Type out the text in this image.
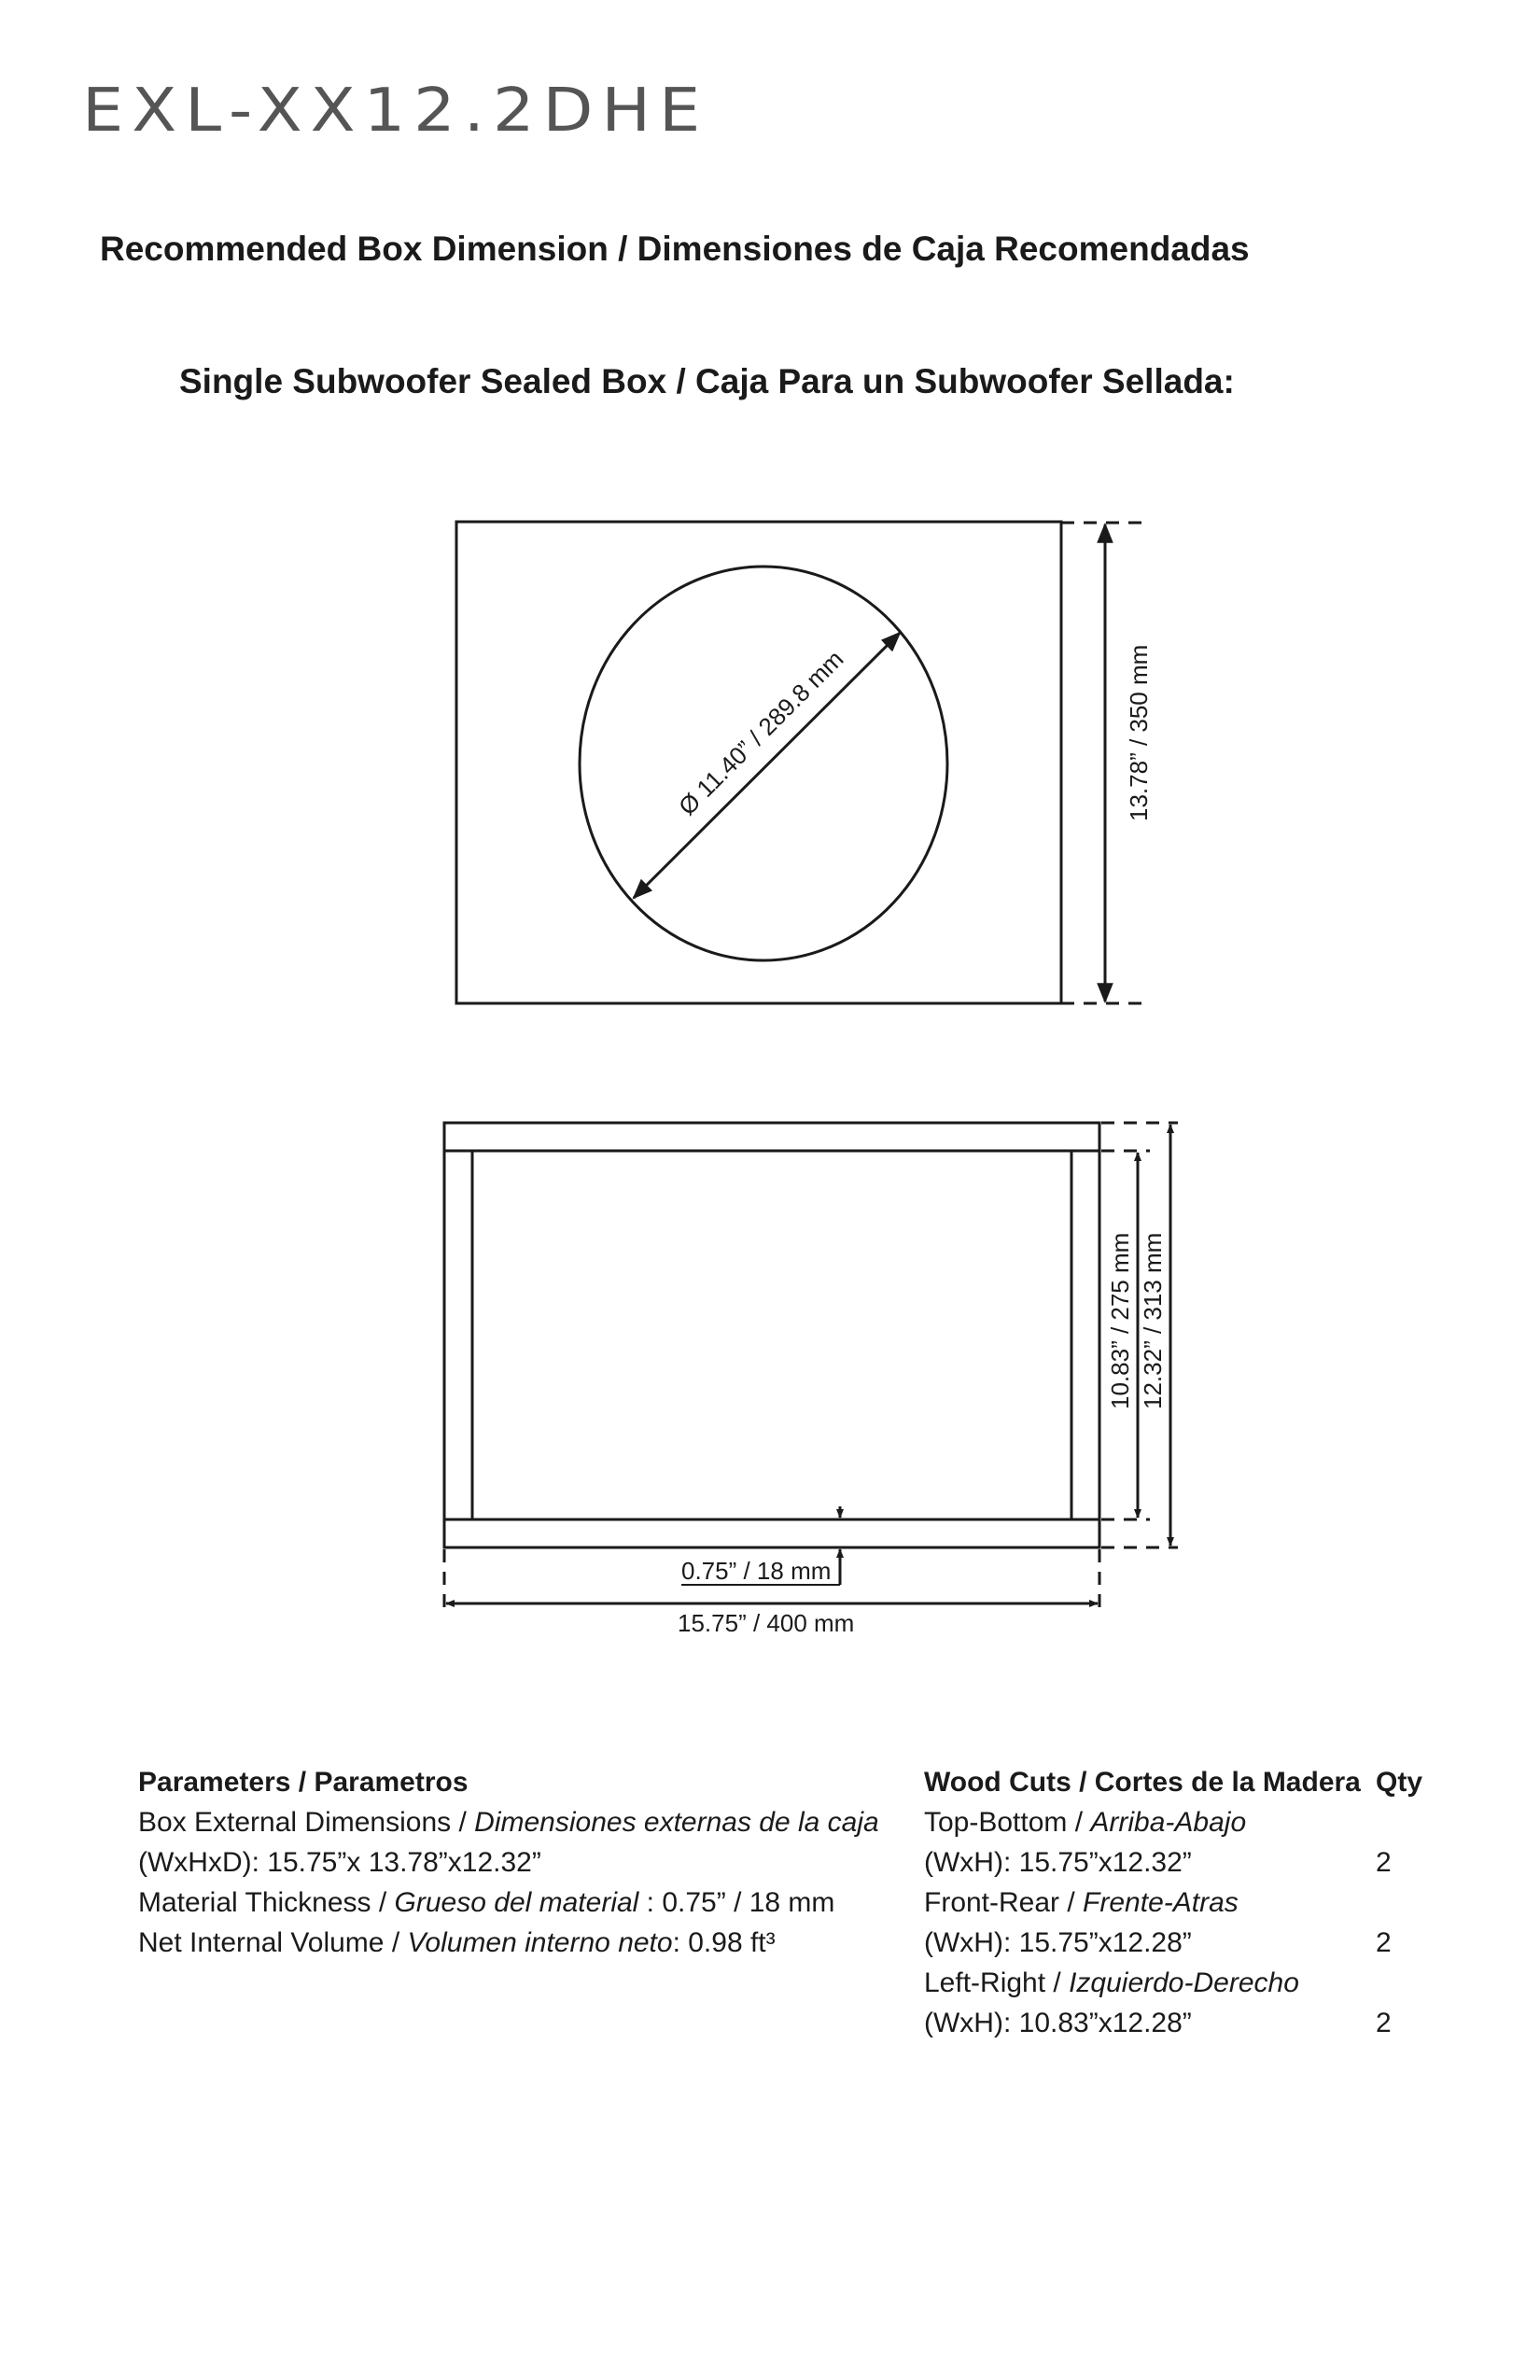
EXL-XX12.2DHE
Recommended Box Dimension / Dimensiones de Caja Recomendadas
Single Subwoofer Sealed Box / Caja Para un Subwoofer Sellada:
Ø 11.40” / 289.8 mm	13.78” / 350 mm
10.83” / 275 mm 12.32” / 313 mm
0.75” / 18 mm
15.75” / 400 mm
Parameters / Parametros
Box External Dimensions / Dimensiones externas de la caja
(WxHxD): 15.75”x 13.78”x12.32”
Material Thickness / Grueso del material : 0.75” / 18 mm
Net Internal Volume / Volumen interno neto: 0.98 ft³
Wood Cuts / Cortes de la Madera Qty
Top-Bottom / Arriba-Abajo
(WxH): 15.75”x12.32”	2
Front-Rear / Frente-Atras
(WxH): 15.75”x12.28”	2
Left-Right / Izquierdo-Derecho
(WxH): 10.83”x12.28”	2
